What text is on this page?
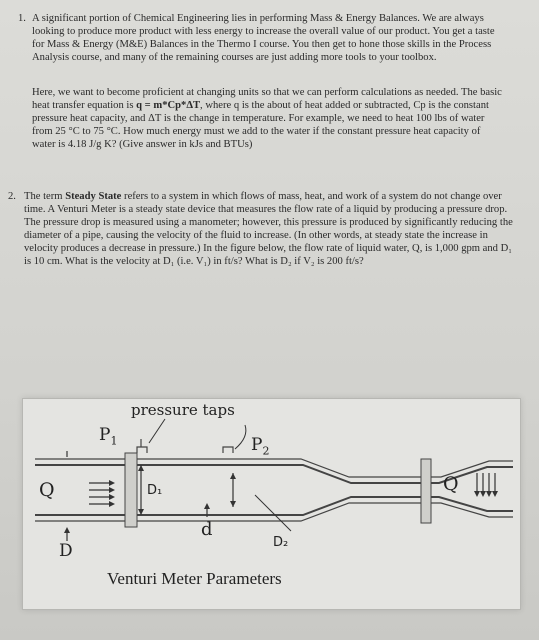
1. A significant portion of Chemical Engineering lies in performing Mass & Energy Balances. We are always looking to produce more product with less energy to increase the overall value of our product. You get a taste for Mass & Energy (M&E) Balances in the Thermo I course. You then get to hone those skills in the Process Analysis course, and many of the remaining courses are just adding more tools to your toolbox.

Here, we want to become proficient at changing units so that we can perform calculations as needed. The basic heat transfer equation is q = m*Cp*ΔT, where q is the about of heat added or subtracted, Cp is the constant pressure heat capacity, and ΔT is the change in temperature. For example, we need to heat 100 lbs of water from 25 °C to 75 °C. How much energy must we add to the water if the constant pressure heat capacity of water is 4.18 J/g K? (Give answer in kJs and BTUs)

2. The term Steady State refers to a system in which flows of mass, heat, and work of a system do not change over time. A Venturi Meter is a steady state device that measures the flow rate of a liquid by producing a pressure drop. The pressure drop is measured using a manometer; however, this pressure is produced by significantly reducing the diameter of a pipe, causing the velocity of the fluid to increase. (In other words, at steady state the increase in velocity produces a decrease in pressure.) In the figure below, the flow rate of liquid water, Q, is 1,000 gpm and D₁ is 10 cm. What is the velocity at D₁ (i.e. V₁) in ft/s? What is D₂ if V₂ is 200 ft/s?

pressure taps
$P_1$	$P_2$
Q	Q
D₁
d
D	D₂
Venturi Meter Parameters
